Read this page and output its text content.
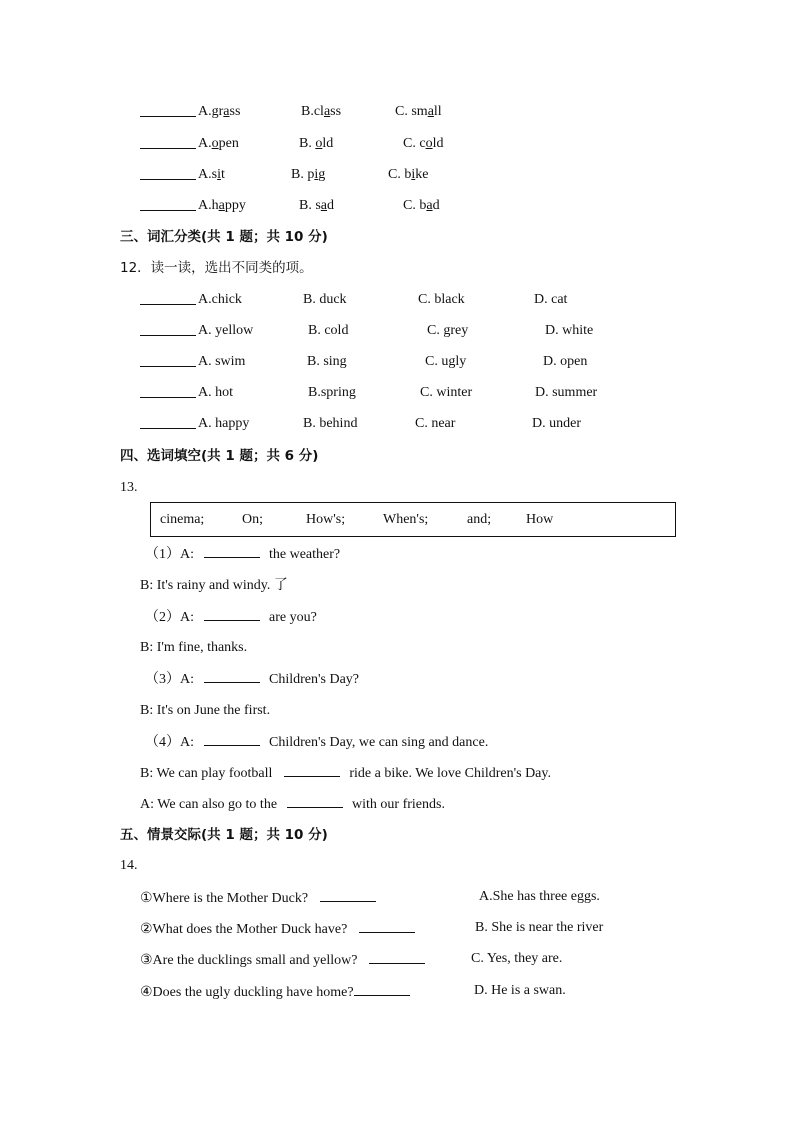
A.grass	B.class	C. small
A.open	B. old	C. cold
A.sit	B. pig	C. bike
A.happy	B. sad	C. bad
三、词汇分类(共 1 题；共 10 分)
12．读一读，选出不同类的项。
A.chick	B. duck	C. black	D. cat
A. yellow	B. cold	C. grey	D. white
A. swim	B. sing	C. ugly	D. open
A. hot	B.spring	C. winter	D. summer
A. happy	B. behind	C. near	D. under
四、选词填空(共 1 题；共 6 分)
13.
cinema;	On;	How's;	When's;	and; How
（1）A:	the weather?
B: It's rainy and windy. 了
（2）A:	are you?
B: I'm fine, thanks.
（3）A:	Children's Day?
B: It's on June the first.
（4）A:	Children's Day, we can sing and dance.
B: We can play football	ride a bike. We love Children's Day.
A: We can also go to the	with our friends.
五、情景交际(共 1 题；共 10 分)
14.
①Where is the Mother Duck?	A.She has three eggs.
②What does the Mother Duck have?	B. She is near the river
③Are the ducklings small and yellow?	C. Yes, they are.
④Does the ugly duckling have home?	D. He is a swan.
